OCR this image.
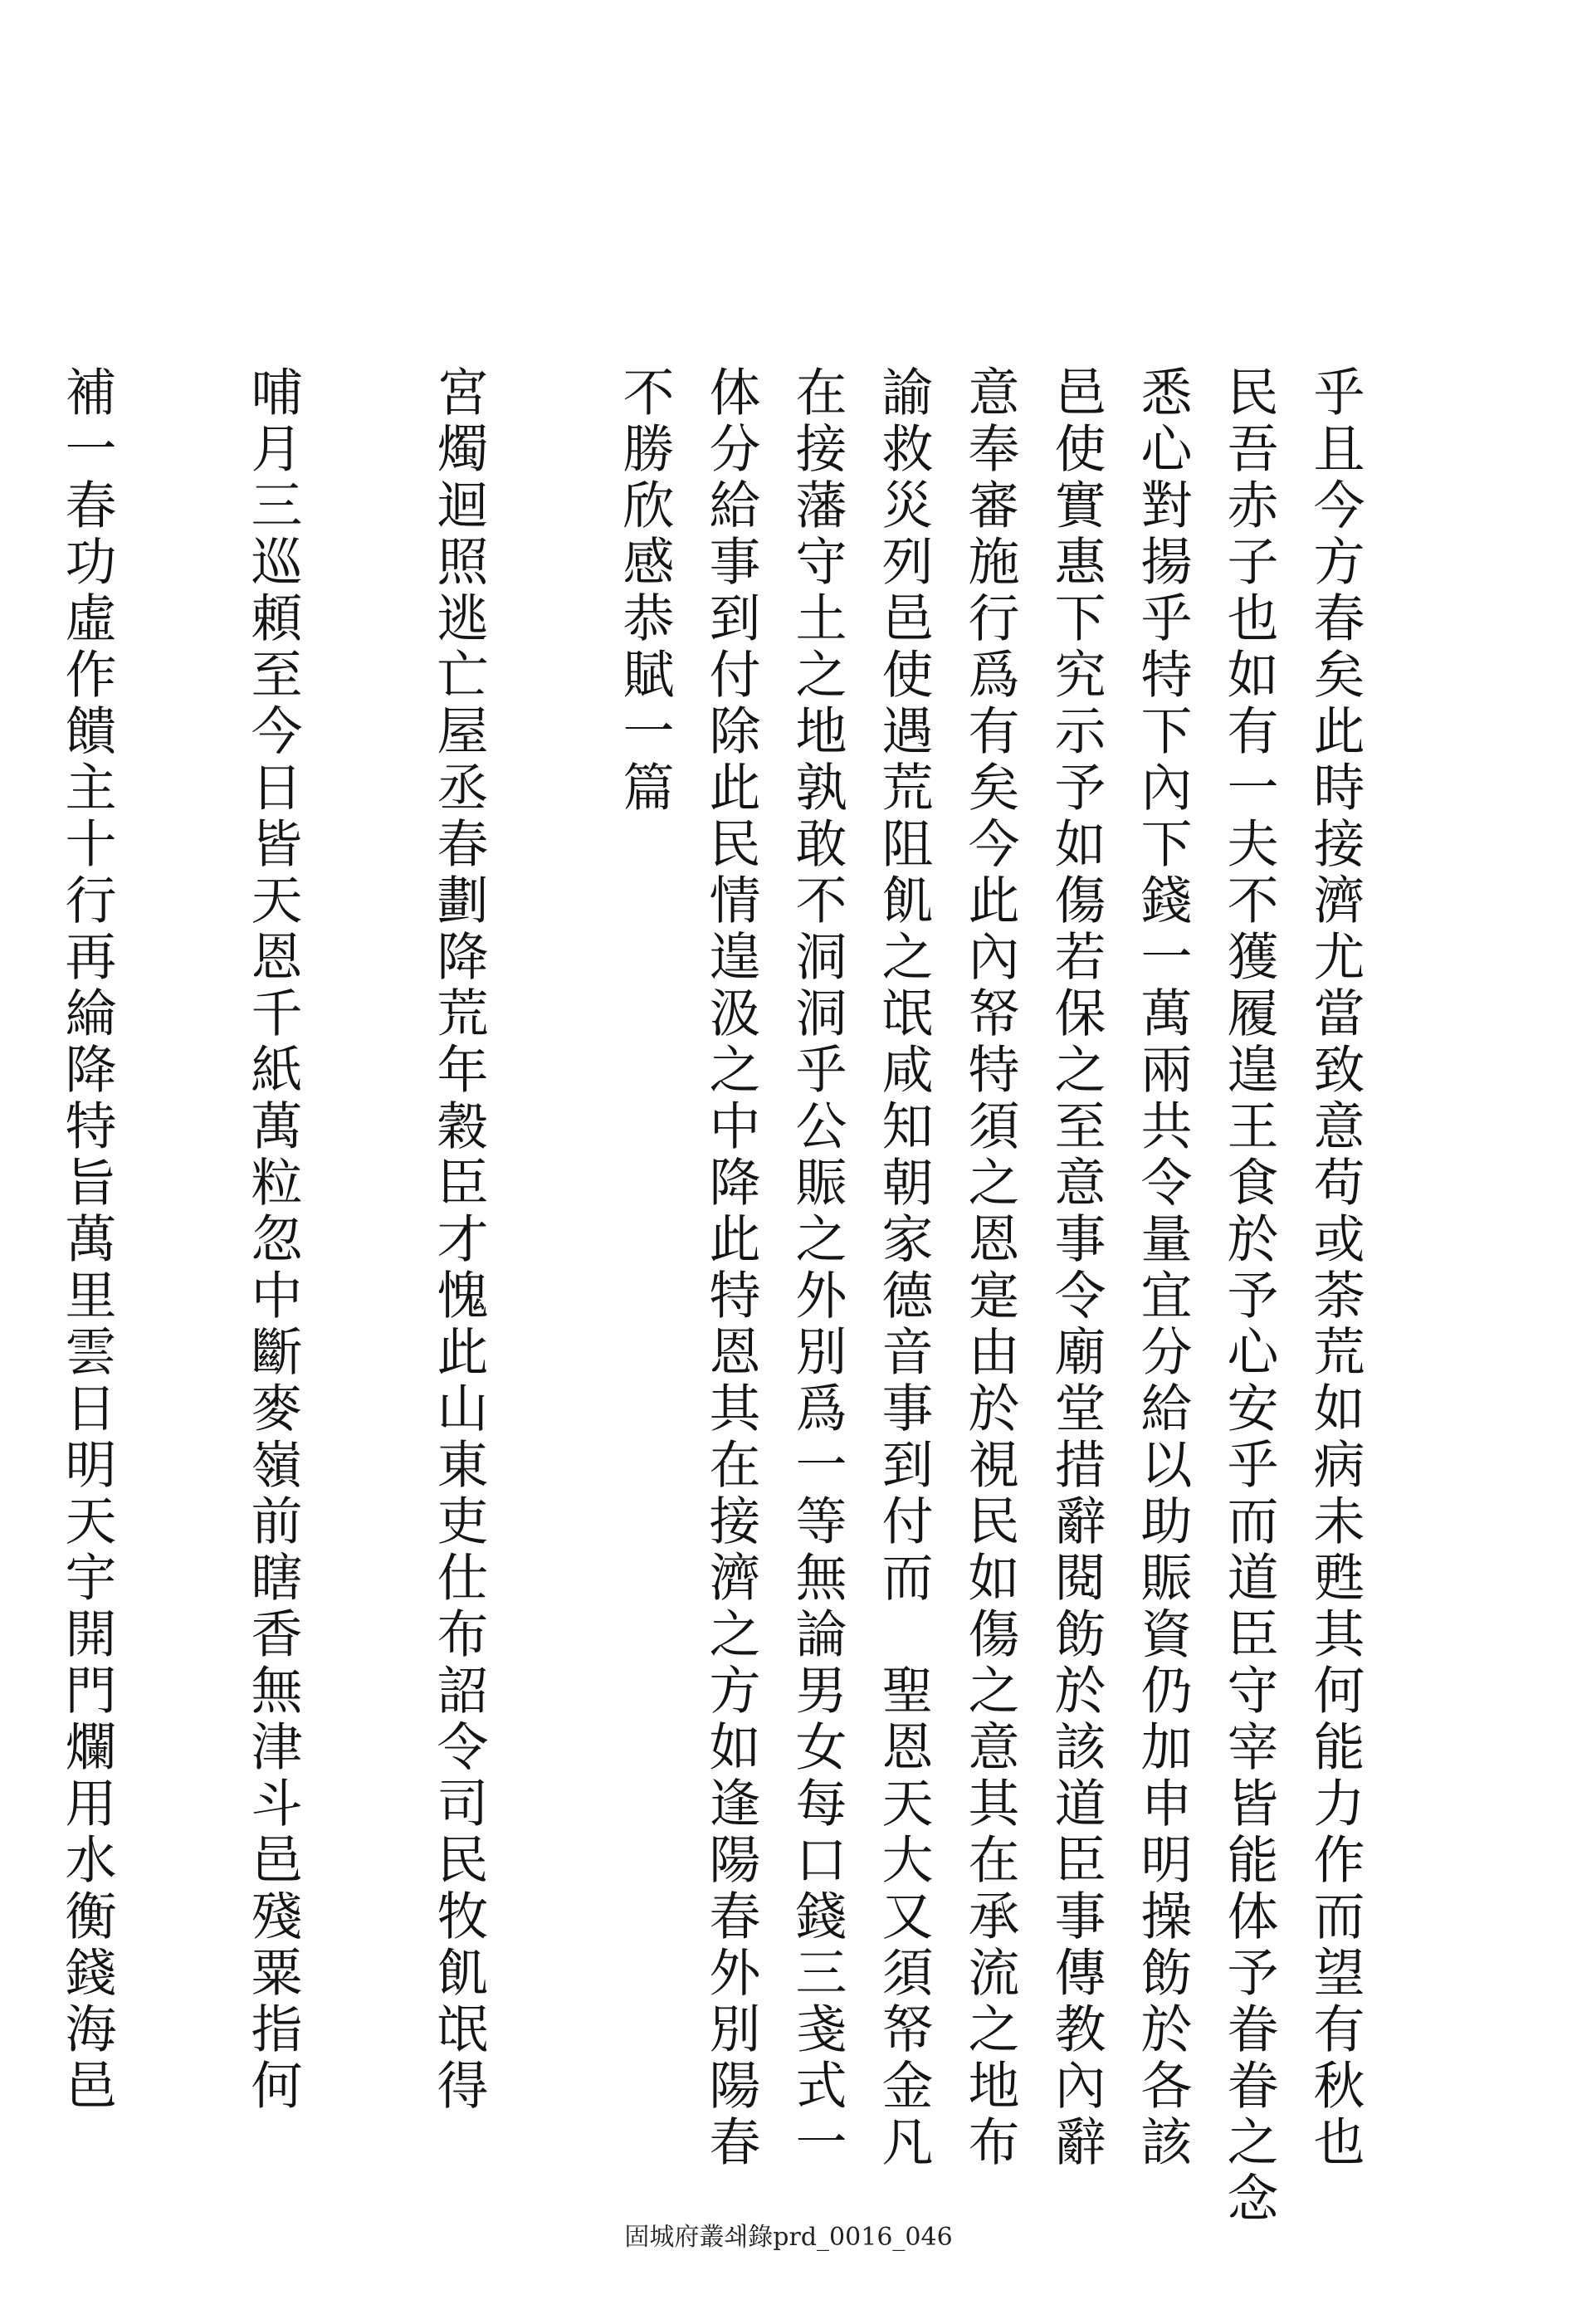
乎且今方春矣此時接濟尤當致意苟或荼荒如病未甦其何能力作而望有秋也
民吾赤子也如有一夫不獲履遑王食於予心安乎而道臣守宰皆能体予眷眷之念
悉心對揚乎特下內下錢一萬兩共令量宜分給以助賑資仍加申明操飭於各該
邑使實惠下究示予如傷若保之至意事令廟堂措辭閱飭於該道臣事傳教內辭
意奉審施行爲有矣今此內帑特須之恩寔由於視民如傷之意其在承流之地布
諭救災列邑使遇荒阻飢之氓咸知朝家德音事到付而　聖恩天大又須帑金凡
在接藩守土之地孰敢不洞洞乎公賑之外別爲一等無論男女每口錢三戔式一
体分給事到付除此民情遑汲之中降此特恩其在接濟之方如逢陽春外別陽春
不勝欣感恭賦一篇
宮燭迴照逃亡屋丞春劃降荒年穀臣才愧此山東吏仕布詔令司民牧飢氓得
哺月三巡頼至今日皆天恩千紙萬粒忽中斷麥嶺前瞎香無津斗邑殘粟指何
補一春功虛作饋主十行再綸降特旨萬里雲日明天宇開門爛用水衡錢海邑
固城府叢쇄錄prd_0016_046
